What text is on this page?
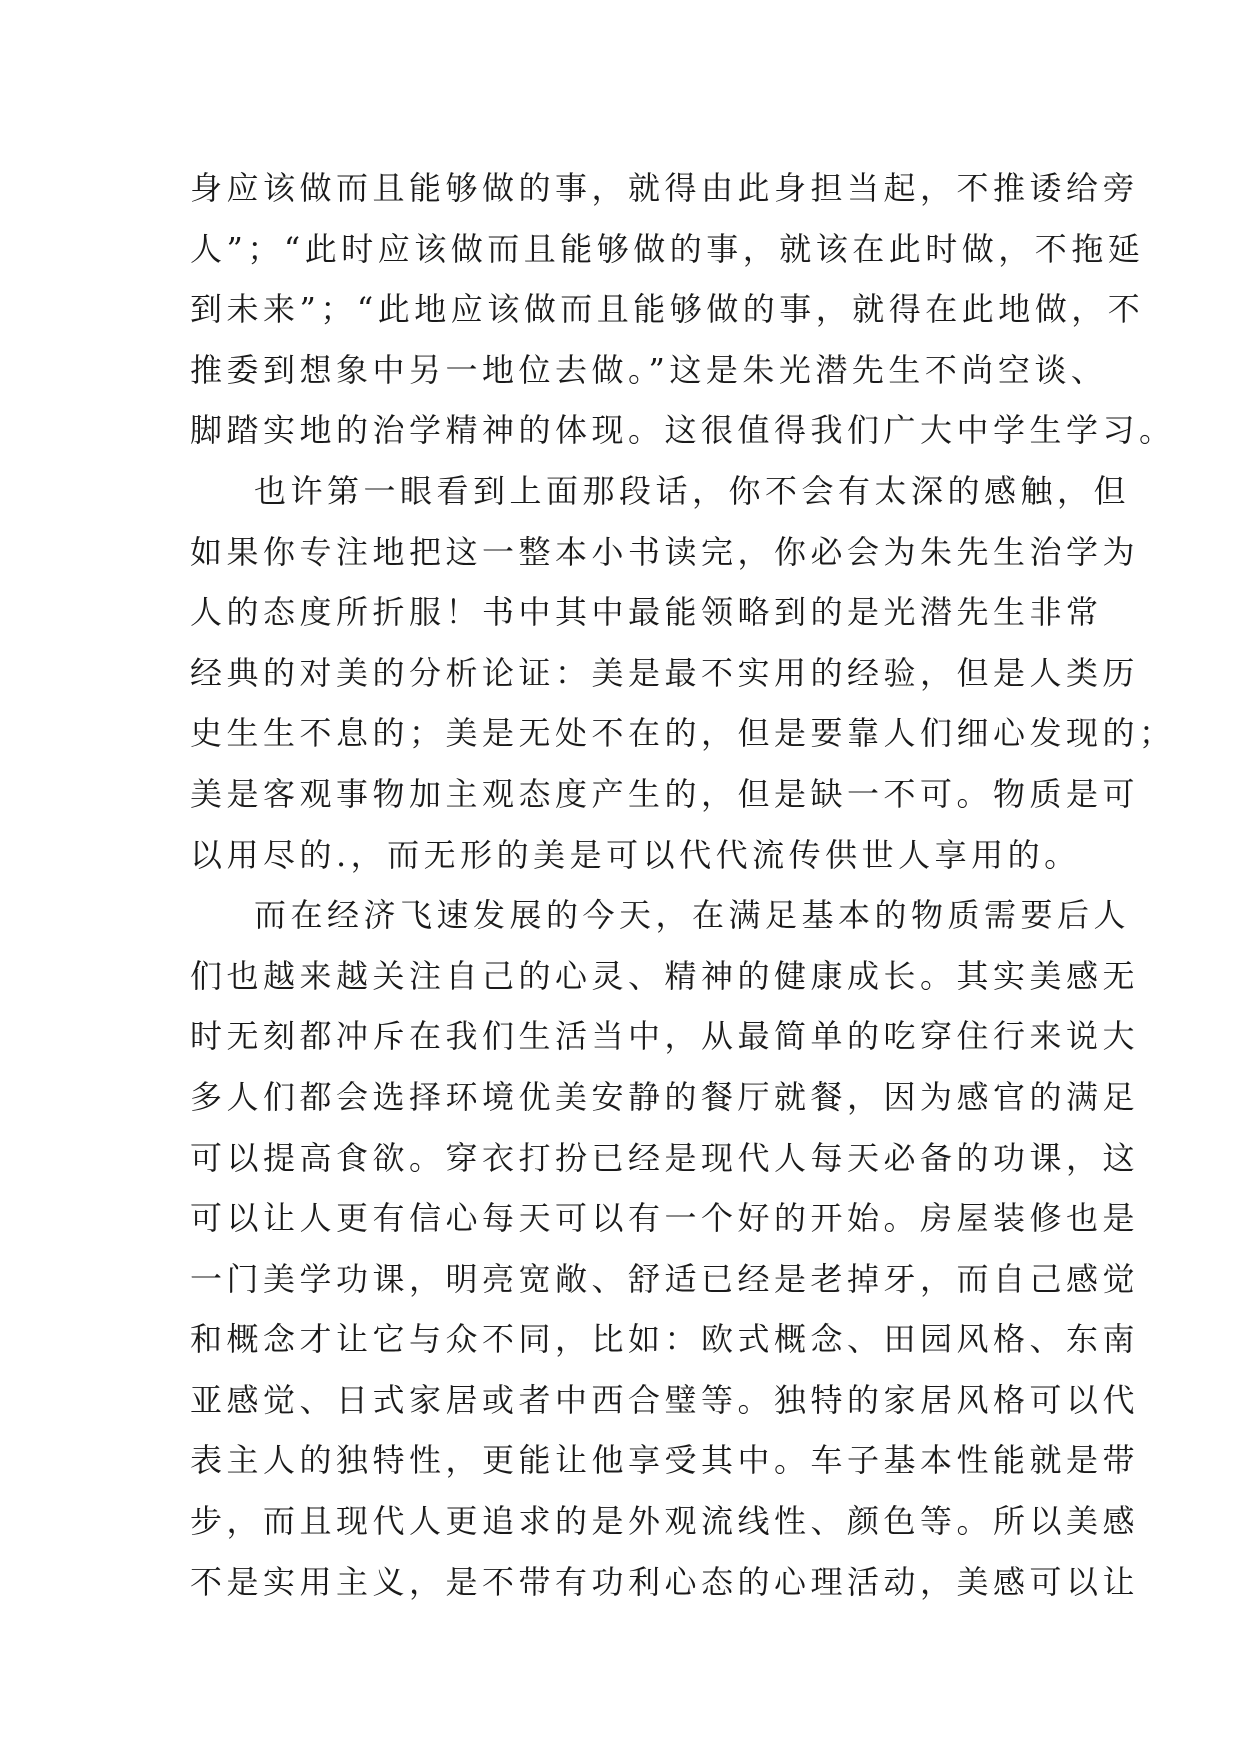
身应该做而且能够做的事，就得由此身担当起，不推诿给旁
人”；“此时应该做而且能够做的事，就该在此时做，不拖延
到未来”；“此地应该做而且能够做的事，就得在此地做，不
推委到想象中另一地位去做。”这是朱光潜先生不尚空谈、
脚踏实地的治学精神的体现。这很值得我们广大中学生学习。
也许第一眼看到上面那段话，你不会有太深的感触，但
如果你专注地把这一整本小书读完，你必会为朱先生治学为
人的态度所折服！书中其中最能领略到的是光潜先生非常
经典的对美的分析论证：美是最不实用的经验，但是人类历
史生生不息的；美是无处不在的，但是要靠人们细心发现的；
美是客观事物加主观态度产生的，但是缺一不可。物质是可
以用尽的.，而无形的美是可以代代流传供世人享用的。
而在经济飞速发展的今天，在满足基本的物质需要后人
们也越来越关注自己的心灵、精神的健康成长。其实美感无
时无刻都冲斥在我们生活当中，从最简单的吃穿住行来说大
多人们都会选择环境优美安静的餐厅就餐，因为感官的满足
可以提高食欲。穿衣打扮已经是现代人每天必备的功课，这
可以让人更有信心每天可以有一个好的开始。房屋装修也是
一门美学功课，明亮宽敞、舒适已经是老掉牙，而自己感觉
和概念才让它与众不同，比如：欧式概念、田园风格、东南
亚感觉、日式家居或者中西合璧等。独特的家居风格可以代
表主人的独特性，更能让他享受其中。车子基本性能就是带
步，而且现代人更追求的是外观流线性、颜色等。所以美感
不是实用主义，是不带有功利心态的心理活动，美感可以让
